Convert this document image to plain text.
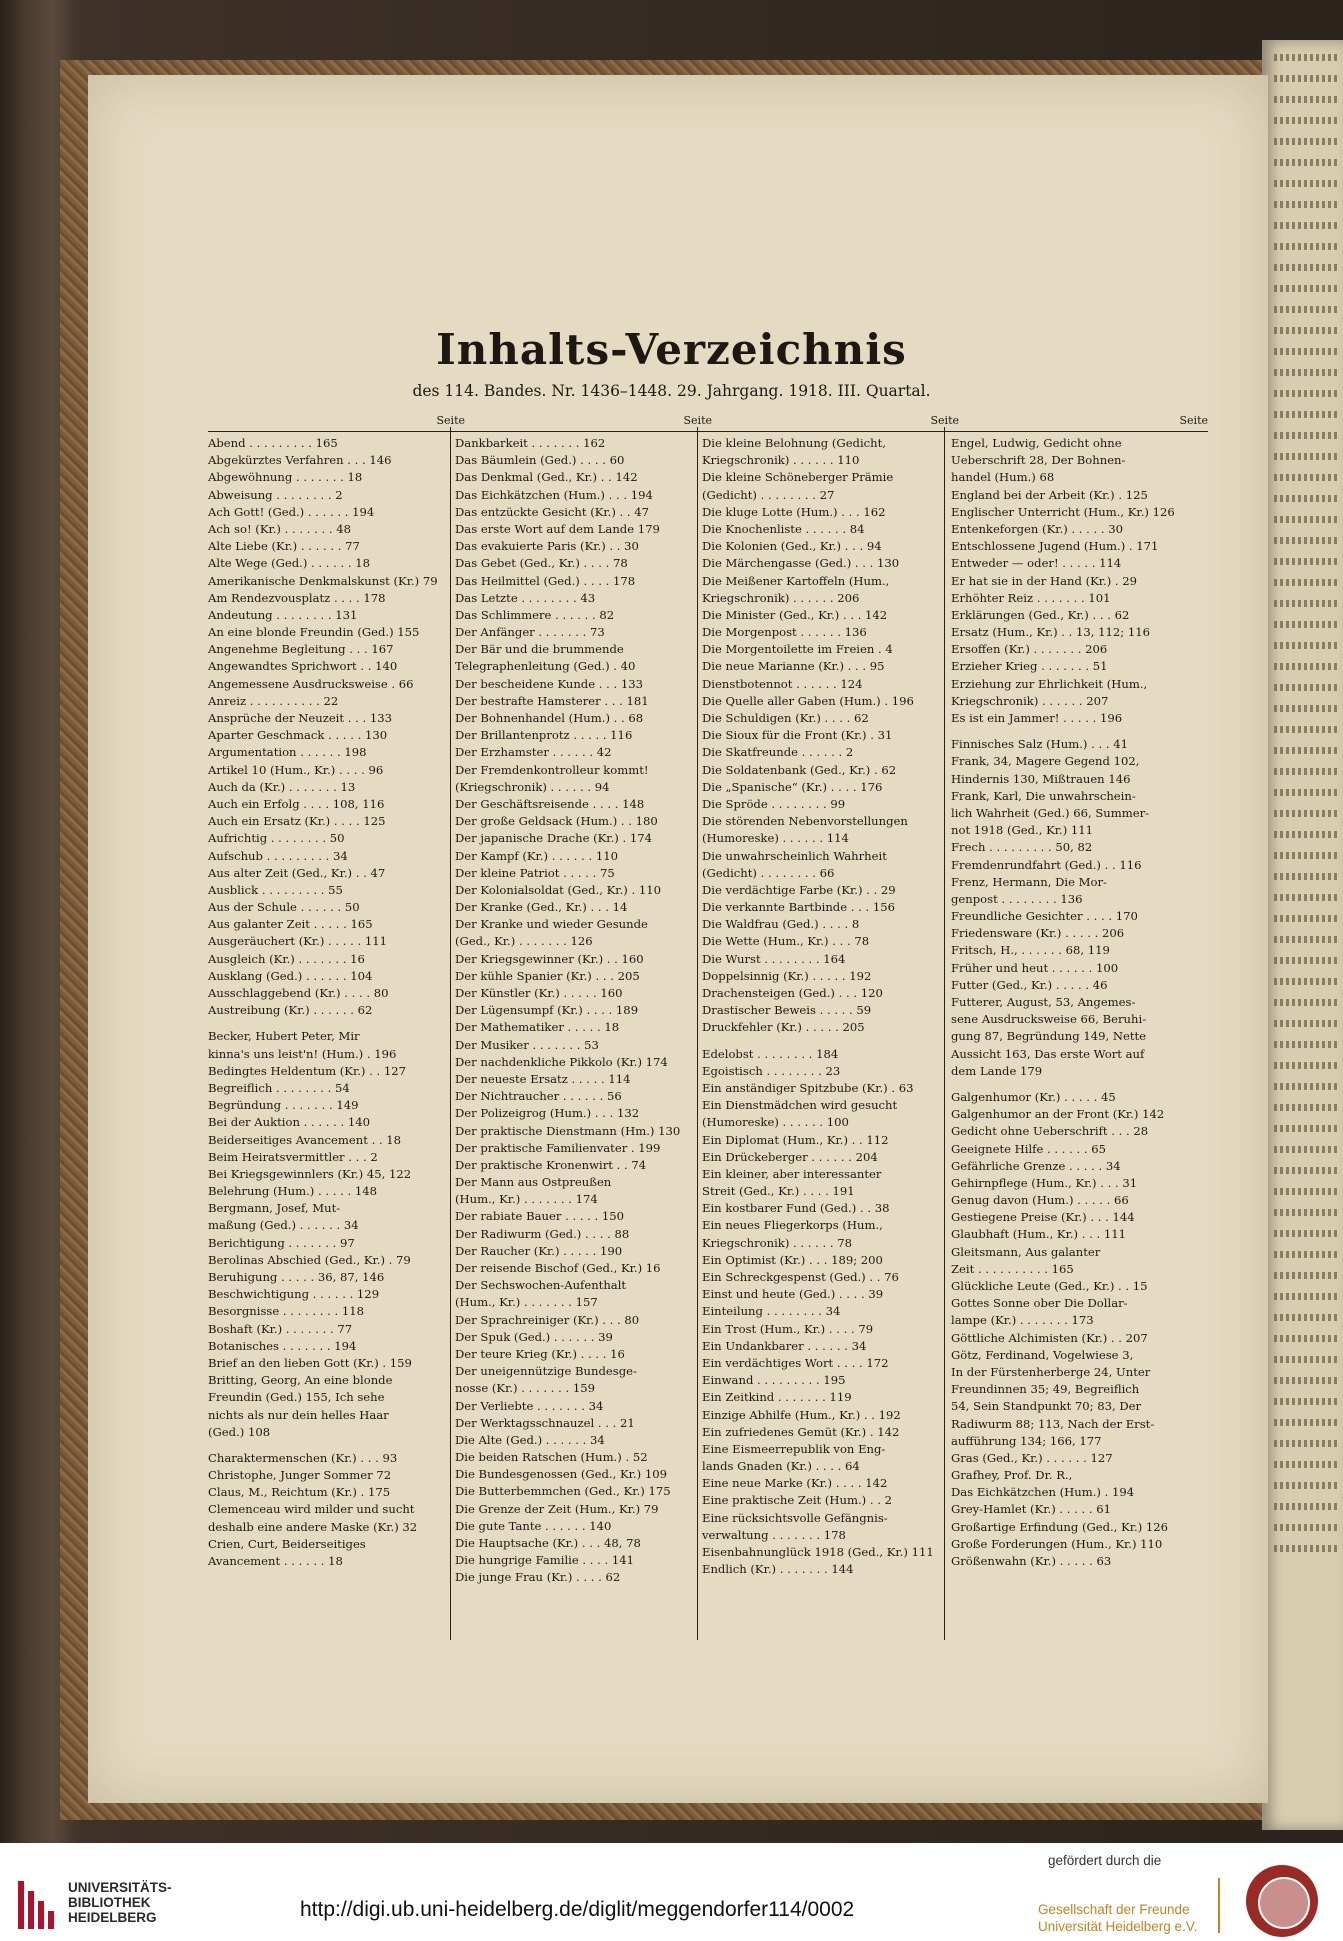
Inhalts-Verzeichnis
des 114. Bandes. Nr. 1436–1448. 29. Jahrgang. 1918. III. Quartal.
Seite
Abend . . . . . . . . . 165
Abgekürztes Verfahren . . . 146
Abgewöhnung . . . . . . . 18
Abweisung . . . . . . . . 2
Ach Gott! (Ged.) . . . . . . 194
Ach so! (Kr.) . . . . . . . 48
Alte Liebe (Kr.) . . . . . . 77
Alte Wege (Ged.) . . . . . . 18
Amerikanische Denkmalskunst (Kr.) 79
Am Rendezvousplatz . . . . 178
Andeutung . . . . . . . . 131
An eine blonde Freundin (Ged.) 155
Angenehme Begleitung . . . 167
Angewandtes Sprichwort . . 140
Angemessene Ausdrucksweise . 66
Anreiz . . . . . . . . . . 22
Ansprüche der Neuzeit . . . 133
Aparter Geschmack . . . . . 130
Argumentation . . . . . . 198
Artikel 10 (Hum., Kr.) . . . . 96
Auch da (Kr.) . . . . . . . 13
Auch ein Erfolg . . . . 108, 116
Auch ein Ersatz (Kr.) . . . . 125
Aufrichtig . . . . . . . . 50
Aufschub . . . . . . . . . 34
Aus alter Zeit (Ged., Kr.) . . 47
Ausblick . . . . . . . . . 55
Aus der Schule . . . . . . 50
Aus galanter Zeit . . . . . 165
Ausgeräuchert (Kr.) . . . . . 111
Ausgleich (Kr.) . . . . . . . 16
Ausklang (Ged.) . . . . . . 104
Ausschlaggebend (Kr.) . . . . 80
Austreibung (Kr.) . . . . . . 62
Becker, Hubert Peter, Mir
kinna's uns leist'n! (Hum.) . 196
Bedingtes Heldentum (Kr.) . . 127
Begreiflich . . . . . . . . 54
Begründung . . . . . . . 149
Bei der Auktion . . . . . . 140
Beiderseitiges Avancement . . 18
Beim Heiratsvermittler . . . 2
Bei Kriegsgewinnlers (Kr.) 45, 122
Belehrung (Hum.) . . . . . 148
Bergmann, Josef, Mut-
maßung (Ged.) . . . . . . 34
Berichtigung . . . . . . . 97
Berolinas Abschied (Ged., Kr.) . 79
Beruhigung . . . . . 36, 87, 146
Beschwichtigung . . . . . . 129
Besorgnisse . . . . . . . . 118
Boshaft (Kr.) . . . . . . . 77
Botanisches . . . . . . . 194
Brief an den lieben Gott (Kr.) . 159
Britting, Georg, An eine blonde
Freundin (Ged.) 155, Ich sehe
nichts als nur dein helles Haar
(Ged.) 108
Charaktermenschen (Kr.) . . . 93
Christophe, Junger Sommer 72
Claus, M., Reichtum (Kr.) . 175
Clemenceau wird milder und sucht
deshalb eine andere Maske (Kr.) 32
Crien, Curt, Beiderseitiges
Avancement . . . . . . 18
Seite
Dankbarkeit . . . . . . . 162
Das Bäumlein (Ged.) . . . . 60
Das Denkmal (Ged., Kr.) . . 142
Das Eichkätzchen (Hum.) . . . 194
Das entzückte Gesicht (Kr.) . . 47
Das erste Wort auf dem Lande 179
Das evakuierte Paris (Kr.) . . 30
Das Gebet (Ged., Kr.) . . . . 78
Das Heilmittel (Ged.) . . . . 178
Das Letzte . . . . . . . . 43
Das Schlimmere . . . . . . 82
Der Anfänger . . . . . . . 73
Der Bär und die brummende
Telegraphenleitung (Ged.) . 40
Der bescheidene Kunde . . . 133
Der bestrafte Hamsterer . . . 181
Der Bohnenhandel (Hum.) . . 68
Der Brillantenprotz . . . . . 116
Der Erzhamster . . . . . . 42
Der Fremdenkontrolleur kommt!
(Kriegschronik) . . . . . . 94
Der Geschäftsreisende . . . . 148
Der große Geldsack (Hum.) . . 180
Der japanische Drache (Kr.) . 174
Der Kampf (Kr.) . . . . . . 110
Der kleine Patriot . . . . . 75
Der Kolonialsoldat (Ged., Kr.) . 110
Der Kranke (Ged., Kr.) . . . 14
Der Kranke und wieder Gesunde
(Ged., Kr.) . . . . . . . 126
Der Kriegsgewinner (Kr.) . . 160
Der kühle Spanier (Kr.) . . . 205
Der Künstler (Kr.) . . . . . 160
Der Lügensumpf (Kr.) . . . . 189
Der Mathematiker . . . . . 18
Der Musiker . . . . . . . 53
Der nachdenkliche Pikkolo (Kr.) 174
Der neueste Ersatz . . . . . 114
Der Nichtraucher . . . . . . 56
Der Polizeigrog (Hum.) . . . 132
Der praktische Dienstmann (Hm.) 130
Der praktische Familienvater . 199
Der praktische Kronenwirt . . 74
Der Mann aus Ostpreußen
(Hum., Kr.) . . . . . . . 174
Der rabiate Bauer . . . . . 150
Der Radiwurm (Ged.) . . . . 88
Der Raucher (Kr.) . . . . . 190
Der reisende Bischof (Ged., Kr.) 16
Der Sechswochen-Aufenthalt
(Hum., Kr.) . . . . . . . 157
Der Sprachreiniger (Kr.) . . . 80
Der Spuk (Ged.) . . . . . . 39
Der teure Krieg (Kr.) . . . . 16
Der uneigennützige Bundesge-
nosse (Kr.) . . . . . . . 159
Der Verliebte . . . . . . . 34
Der Werktagsschnauzel . . . 21
Die Alte (Ged.) . . . . . . 34
Die beiden Ratschen (Hum.) . 52
Die Bundesgenossen (Ged., Kr.) 109
Die Butterbemmchen (Ged., Kr.) 175
Die Grenze der Zeit (Hum., Kr.) 79
Die gute Tante . . . . . . 140
Die Hauptsache (Kr.) . . . 48, 78
Die hungrige Familie . . . . 141
Die junge Frau (Kr.) . . . . 62
Seite
Die kleine Belohnung (Gedicht,
Kriegschronik) . . . . . . 110
Die kleine Schöneberger Prämie
(Gedicht) . . . . . . . . 27
Die kluge Lotte (Hum.) . . . 162
Die Knochenliste . . . . . . 84
Die Kolonien (Ged., Kr.) . . . 94
Die Märchengasse (Ged.) . . . 130
Die Meißener Kartoffeln (Hum.,
Kriegschronik) . . . . . . 206
Die Minister (Ged., Kr.) . . . 142
Die Morgenpost . . . . . . 136
Die Morgentoilette im Freien . 4
Die neue Marianne (Kr.) . . . 95
Dienstbotennot . . . . . . 124
Die Quelle aller Gaben (Hum.) . 196
Die Schuldigen (Kr.) . . . . 62
Die Sioux für die Front (Kr.) . 31
Die Skatfreunde . . . . . . 2
Die Soldatenbank (Ged., Kr.) . 62
Die „Spanische“ (Kr.) . . . . 176
Die Spröde . . . . . . . . 99
Die störenden Nebenvorstellungen
(Humoreske) . . . . . . 114
Die unwahrscheinlich Wahrheit
(Gedicht) . . . . . . . . 66
Die verdächtige Farbe (Kr.) . . 29
Die verkannte Bartbinde . . . 156
Die Waldfrau (Ged.) . . . . 8
Die Wette (Hum., Kr.) . . . 78
Die Wurst . . . . . . . . 164
Doppelsinnig (Kr.) . . . . . 192
Drachensteigen (Ged.) . . . 120
Drastischer Beweis . . . . . 59
Druckfehler (Kr.) . . . . . 205
Edelobst . . . . . . . . 184
Egoistisch . . . . . . . . 23
Ein anständiger Spitzbube (Kr.) . 63
Ein Dienstmädchen wird gesucht
(Humoreske) . . . . . . 100
Ein Diplomat (Hum., Kr.) . . 112
Ein Drückeberger . . . . . . 204
Ein kleiner, aber interessanter
Streit (Ged., Kr.) . . . . 191
Ein kostbarer Fund (Ged.) . . 38
Ein neues Fliegerkorps (Hum.,
Kriegschronik) . . . . . . 78
Ein Optimist (Kr.) . . . 189; 200
Ein Schreckgespenst (Ged.) . . 76
Einst und heute (Ged.) . . . . 39
Einteilung . . . . . . . . 34
Ein Trost (Hum., Kr.) . . . . 79
Ein Undankbarer . . . . . . 34
Ein verdächtiges Wort . . . . 172
Einwand . . . . . . . . . 195
Ein Zeitkind . . . . . . . 119
Einzige Abhilfe (Hum., Kr.) . . 192
Ein zufriedenes Gemüt (Kr.) . 142
Eine Eismeerrepublik von Eng-
lands Gnaden (Kr.) . . . . 64
Eine neue Marke (Kr.) . . . . 142
Eine praktische Zeit (Hum.) . . 2
Eine rücksichtsvolle Gefängnis-
verwaltung . . . . . . . 178
Eisenbahnunglück 1918 (Ged., Kr.) 111
Endlich (Kr.) . . . . . . . 144
Seite
Engel, Ludwig, Gedicht ohne
Ueberschrift 28, Der Bohnen-
handel (Hum.) 68
England bei der Arbeit (Kr.) . 125
Englischer Unterricht (Hum., Kr.) 126
Entenkeforgen (Kr.) . . . . . 30
Entschlossene Jugend (Hum.) . 171
Entweder — oder! . . . . . 114
Er hat sie in der Hand (Kr.) . 29
Erhöhter Reiz . . . . . . . 101
Erklärungen (Ged., Kr.) . . . 62
Ersatz (Hum., Kr.) . . 13, 112; 116
Ersoffen (Kr.) . . . . . . . 206
Erzieher Krieg . . . . . . . 51
Erziehung zur Ehrlichkeit (Hum.,
Kriegschronik) . . . . . . 207
Es ist ein Jammer! . . . . . 196
Finnisches Salz (Hum.) . . . 41
Frank, 34, Magere Gegend 102,
Hindernis 130, Mißtrauen 146
Frank, Karl, Die unwahrschein-
lich Wahrheit (Ged.) 66, Summer-
not 1918 (Ged., Kr.) 111
Frech . . . . . . . . . 50, 82
Fremdenrundfahrt (Ged.) . . 116
Frenz, Hermann, Die Mor-
genpost . . . . . . . . 136
Freundliche Gesichter . . . . 170
Friedensware (Kr.) . . . . . 206
Fritsch, H., . . . . . . 68, 119
Früher und heut . . . . . . 100
Futter (Ged., Kr.) . . . . . 46
Futterer, August, 53, Angemes-
sene Ausdrucksweise 66, Beruhi-
gung 87, Begründung 149, Nette
Aussicht 163, Das erste Wort auf
dem Lande 179
Galgenhumor (Kr.) . . . . . 45
Galgenhumor an der Front (Kr.) 142
Gedicht ohne Ueberschrift . . . 28
Geeignete Hilfe . . . . . . 65
Gefährliche Grenze . . . . . 34
Gehirnpflege (Hum., Kr.) . . . 31
Genug davon (Hum.) . . . . . 66
Gestiegene Preise (Kr.) . . . 144
Glaubhaft (Hum., Kr.) . . . 111
Gleitsmann, Aus galanter
Zeit . . . . . . . . . . 165
Glückliche Leute (Ged., Kr.) . . 15
Gottes Sonne ober Die Dollar-
lampe (Kr.) . . . . . . . 173
Göttliche Alchimisten (Kr.) . . 207
Götz, Ferdinand, Vogelwiese 3,
In der Fürstenherberge 24, Unter
Freundinnen 35; 49, Begreiflich
54, Sein Standpunkt 70; 83, Der
Radiwurm 88; 113, Nach der Erst-
aufführung 134; 166, 177
Gras (Ged., Kr.) . . . . . . 127
Grafhey, Prof. Dr. R.,
Das Eichkätzchen (Hum.) . 194
Grey-Hamlet (Kr.) . . . . . 61
Großartige Erfindung (Ged., Kr.) 126
Große Forderungen (Hum., Kr.) 110
Größenwahn (Kr.) . . . . . 63
UNIVERSITÄTS-
BIBLIOTHEK
HEIDELBERG	http://digi.ub.uni-heidelberg.de/diglit/meggendorfer114/0002
gefördert durch die
Gesellschaft der Freunde
Universität Heidelberg e.V.
